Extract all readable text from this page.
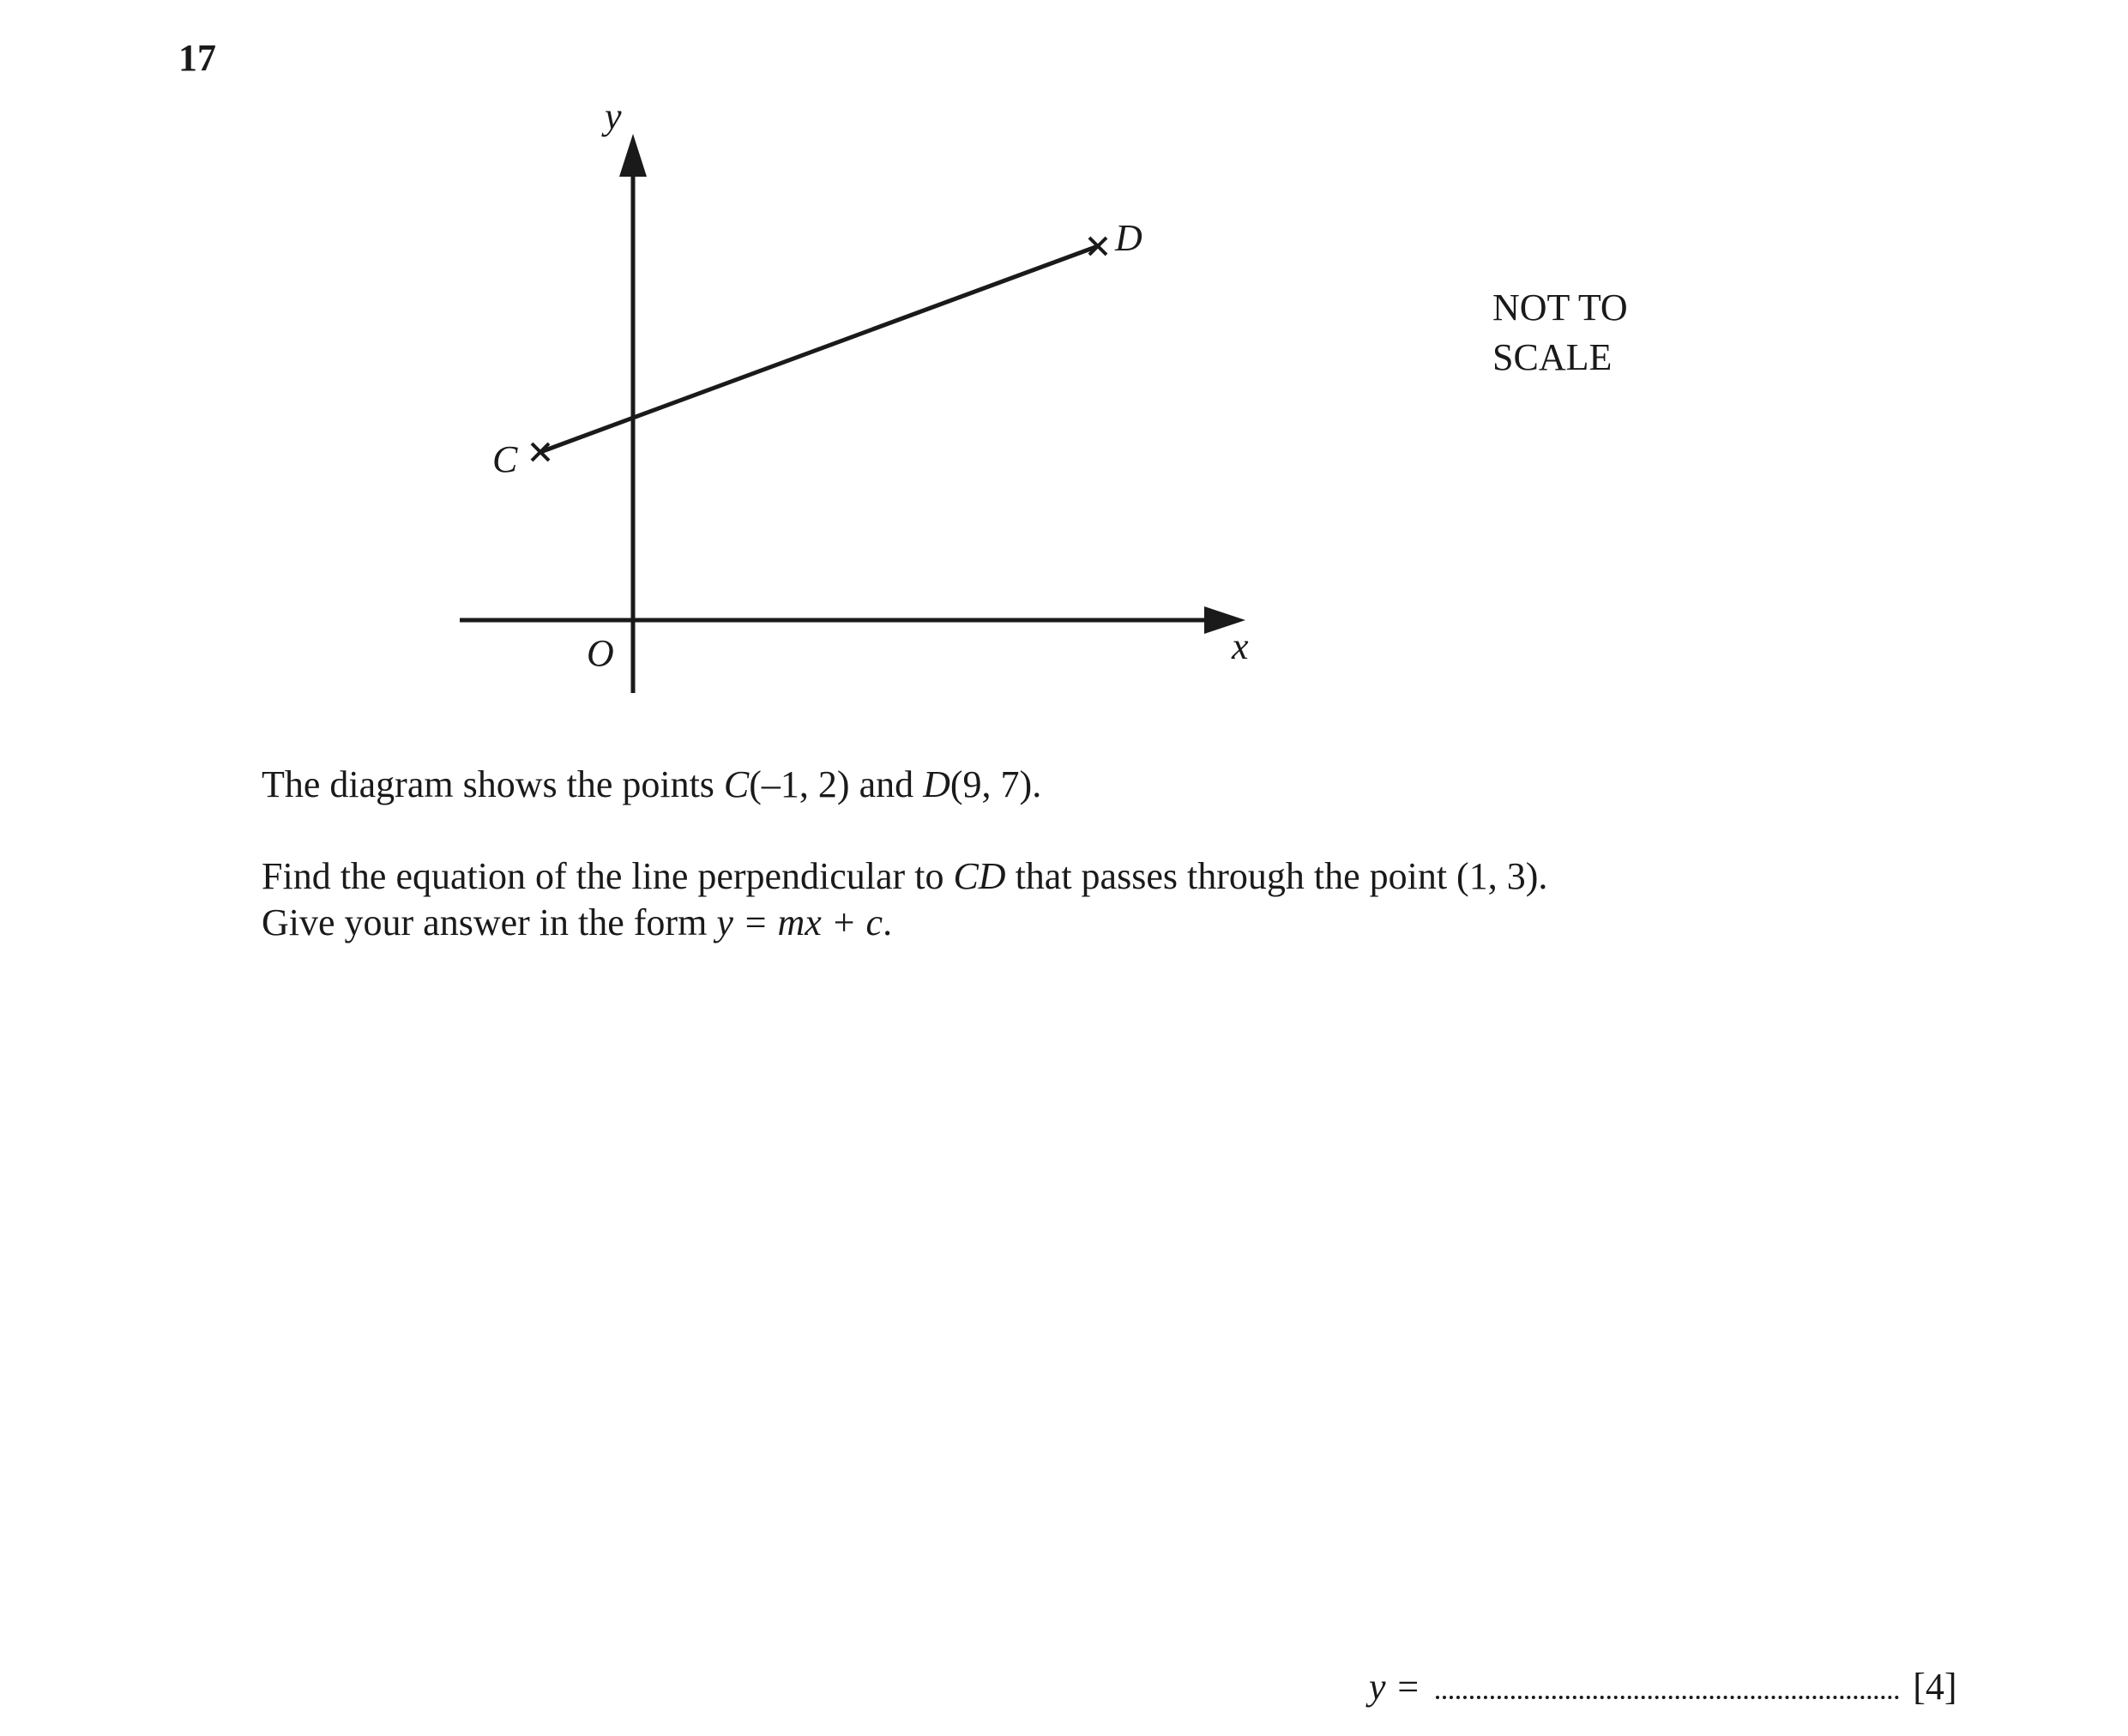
17
C
D
y
x
O
NOT TO
SCALE
The diagram shows the points C(–1, 2) and D(9, 7).
Find the equation of the line perpendicular to CD that passes through the point (1, 3).
Give your answer in the form y = mx + c.
y =	[4]
